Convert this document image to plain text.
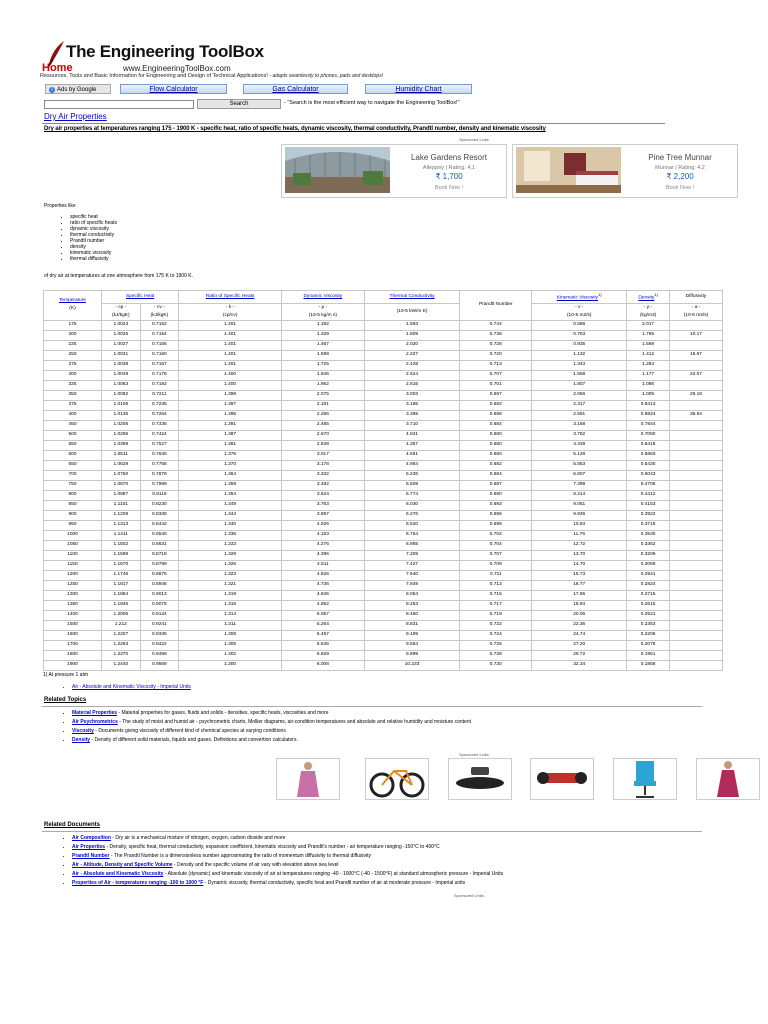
The Engineering ToolBox
Home	www.EngineeringToolBox.com
Resources, Tools and Basic Information for Engineering and Design of Technical Applications! - adapts seamlessly to phones, pads and desktops!
i Ads by Google	Flow Calculator	Gas Calculator	Humidity Chart
Search	- "Search is the most efficient way to navigate the Engineering ToolBox!"
Dry Air Properties
Dry air properties at temperatures ranging 175 - 1900 K - specific heat, ratio of specific heats, dynamic viscosity, thermal conductivity, Prandtl number, density and kinematic viscosity
Sponsored Links
Lake Gardens Resort
Alleppey | Rating: 4.1
₹ 1,700
Book Now !
Pine Tree Munnar
Munnar | Rating: 4.2
₹ 2,200
Book Now !
Properties like
• specific heat
• ratio of specific heats
• dynamic viscosity
• thermal conductivity
• Prandtl number
• density
• kinematic viscosity
• thermal diffusivity
of dry air at temperatures at one atmosphere from 175 K to 1900 K.
Temperature
(K)	Specific Heat		Ratio of Specific Heats	Dynamic Viscosity	Thermal Conductivity	Prandtl Number	Kinematic Viscosity$^{1)}$	Density$^{1)}$	Diffusivity
	- cp -
(kJ/kgK)	- cv -
(kJ/kgK)	- k -
(cp/cv)	- μ -
(10-5 kg/m s)	(10-5 kW/m K)		- ν -
(10-5 m2/s)	- ρ -
(kg/m3)	- α -
(10-6 m2/s)
175	1.0023	0.7152	1.401	1.182	1.593	0.744	0.586	2.017	
200	1.0025	0.7154	1.401	1.329	1.809	0.736	0.753	1.765	10.17
225	1.0027	0.7156	1.401	1.467	2.020	0.728	0.935	1.569	
250	1.0031	0.7160	1.401	1.599	2.227	0.720	1.132	1.412	15.67
275	1.0038	0.7167	1.401	1.725	2.428	0.713	1.343	1.284	
300	1.0049	0.7178	1.400	1.846	2.624	0.707	1.568	1.177	22.07
325	1.0063	0.7192	1.400	1.962	2.816	0.701	1.807	1.086	
350	1.0082	0.7211	1.398	2.075	3.003	0.697	2.056	1.009	29.18
375	1.0106	0.7235	1.397	2.181	3.186	0.692	2.317	0.9413	
400	1.0135	0.7264	1.395	2.286	3.365	0.688	2.591	0.8824	36.94
450	1.0206	0.7335	1.391	2.485	3.710	0.684	3.168	0.7844	
500	1.0295	0.7424	1.387	2.670	4.041	0.680	3.782	0.7060	
550	1.0398	0.7527	1.381	2.849	4.357	0.680	4.439	0.6418	
600	1.0511	0.7640	1.376	3.017	4.661	0.680	5.128	0.5883	
650	1.0629	0.7758	1.370	3.178	4.954	0.682	5.853	0.5430	
700	1.0750	0.7879	1.364	3.332	5.236	0.684	6.607	0.5043	
750	1.0870	0.7999	1.359	3.482	5.509	0.687	7.399	0.4706	
800	1.0987	0.8116	1.354	3.624	5.774	0.690	8.214	0.4412	
850	1.1101	0.8230	1.349	3.763	6.030	0.693	9.061	0.4153	
900	1.1209	0.8338	1.344	3.897	6.276	0.696	9.936	0.3922	
950	1.1313	0.8442	1.340	4.026	6.520	0.699	10.83	0.3716	
1000	1.1411	0.8540	1.336	4.153	6.754	0.702	11.76	0.3530	
1050	1.1502	0.8631	1.333	4.276	6.985	0.704	12.72	0.3362	
1100	1.1589	0.8718	1.329	4.396	7.209	0.707	13.70	0.3209	
1150	1.1670	0.8799	1.326	4.511	7.427	0.709	14.70	0.3069	
1200	1.1746	0.8875	1.323	4.626	7.640	0.711	15.73	0.2941	
1250	1.1817	0.8946	1.321	4.736	7.849	0.713	16.77	0.2824	
1300	1.1884	0.9013	1.319	4.846	8.054	0.715	17.85	0.2715	
1350	1.1946	0.9075	1.316	4.952	8.253	0.717	18.94	0.2615	
1400	1.2005	0.9134	1.314	5.057	8.450	0.719	20.06	0.2521	
1500	1.212	0.9241	1.311	5.264	8.831	0.722	22.36	0.2353	
1600	1.2207	0.9336	1.308	5.457	9.199	0.724	24.74	0.2206	
1700	1.2293	0.9422	1.305	5.646	9.554	0.726	27.20	0.2076	
1800	1.2370	0.9499	1.302	5.829	9.899	0.728	29.72	0.1961	
1900	1.2440	0.9569	1.300	6.008	10.233	0.730	32.34	0.1858	
1) At pressure 1 atm
• Air - Absolute and Kinematic Viscosity - Imperial Units
Related Topics
• Material Properties - Material properties for gases, fluids and solids - densities, specific heats, viscosities and more
• Air Psychrometrics - The study of moist and humid air - psychrometric charts, Mollier diagrams, air-condition temperatures and absolute and relative humidity and moisture content
• Viscosity - Documents giving viscosity of different kind of chemical species at varying conditions
• Density - Density of different solid materials, liquids and gases. Definitions and convertion calculators.
Sponsored Links
Related Documents
• Air Composition - Dry air is a mechanical mixture of nitrogen, oxygen, carbon dioxide and more
• Air Properties - Density, specific heat, thermal conductivity, expansion coefficient, kinematic viscosity and Prandtl's number - air temperature ranging -150°C to 400°C
• Prandtl Number - The Prandtl Number is a dimensionless number approximating the ratio of momentum diffusivity to thermal diffusivity
• Air - Altitude, Density and Specific Volume - Density and the specific volume of air vary with elevation above sea level
• Air - Absolute and Kinematic Viscosity - Absolute (dynamic) and kinematic viscosity of air at temperatures ranging -40 - 1000°C (-40 - 1500°F) at standard atmospheric pressure - Imperial Units
• Properties of Air - temperatures ranging -100 to 1000 °F - Dynamic viscosity, thermal conductivity, specific heat and Prandtl number of air at moderate pressure - Imperial units
Sponsored Links
